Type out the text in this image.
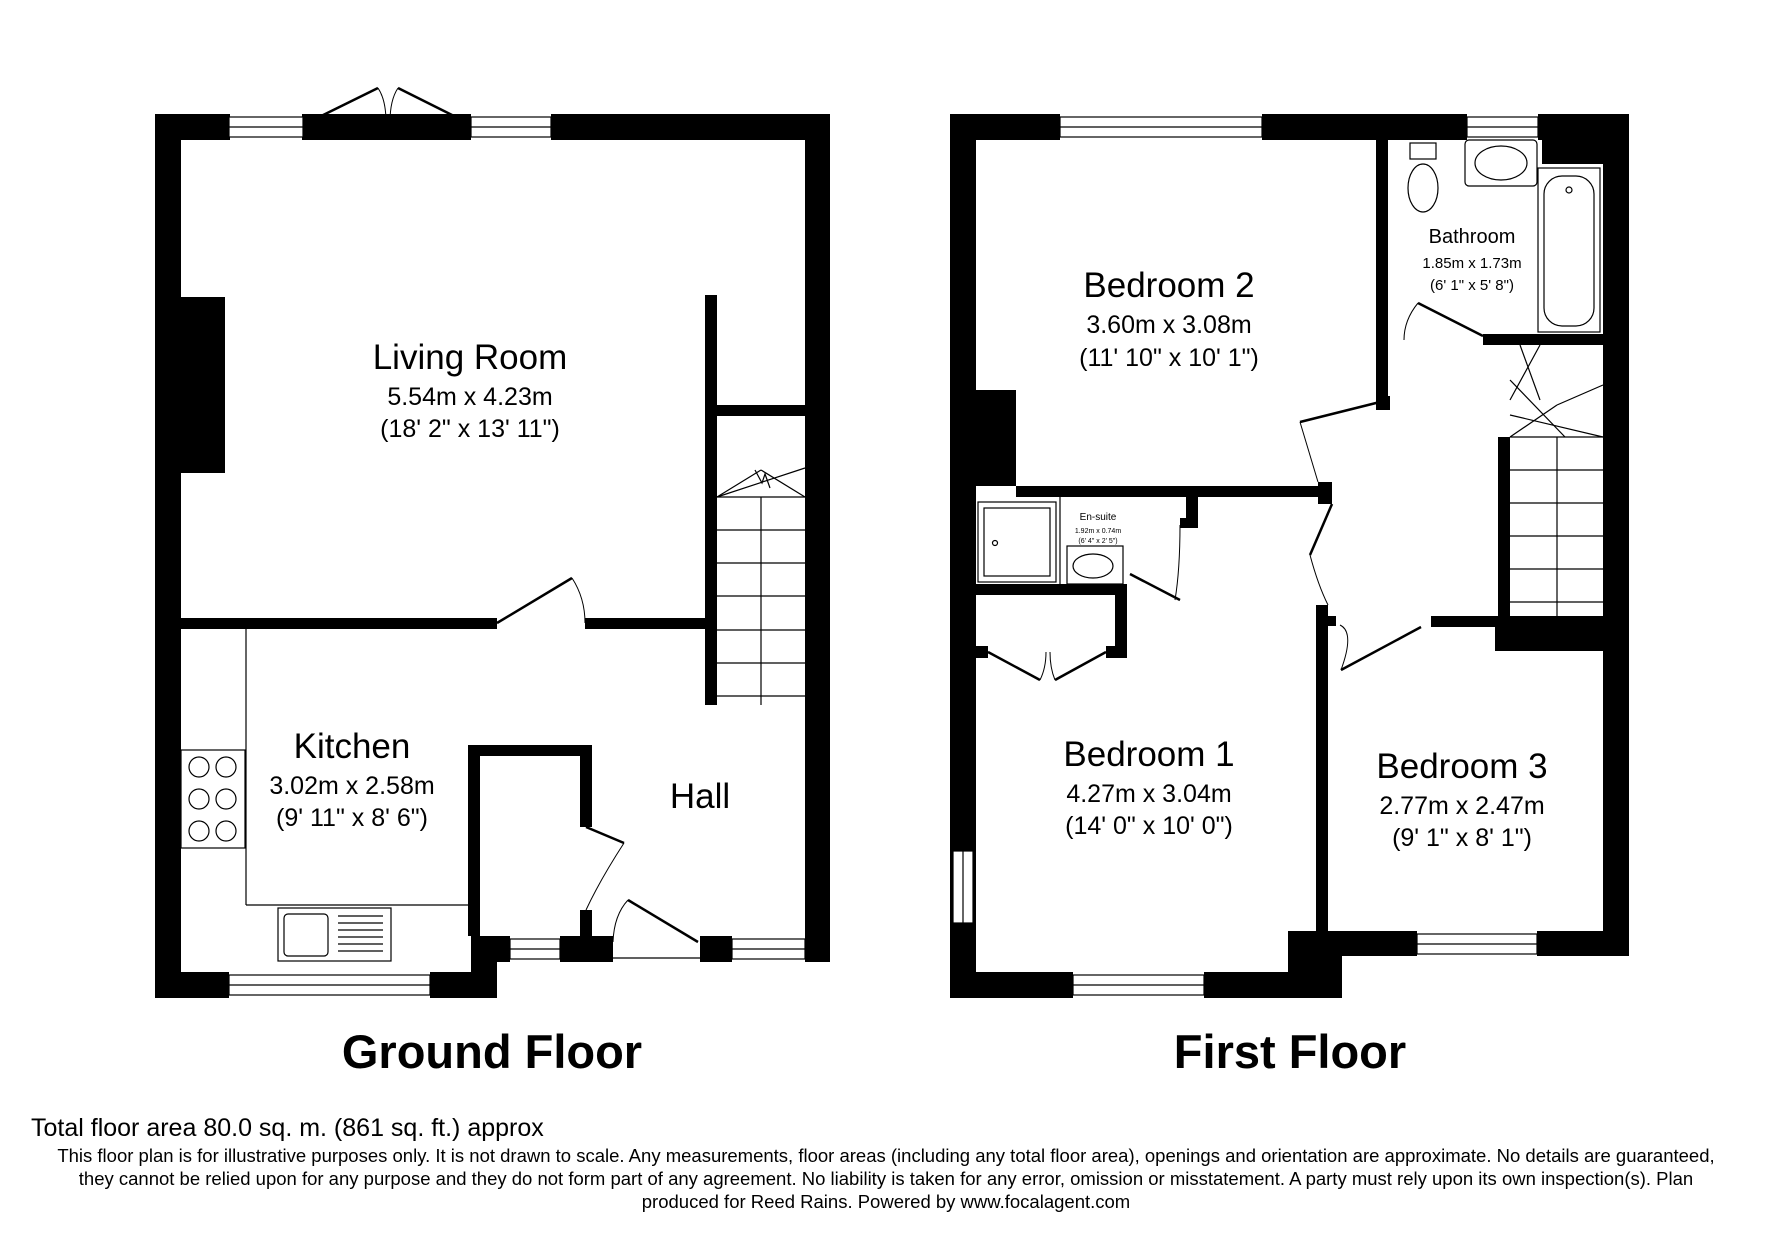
Living Room
5.54m x 4.23m
(18' 2" x 13' 11")
Kitchen
3.02m x 2.58m
(9' 11" x 8' 6")
Hall
Ground Floor
Bedroom 2
3.60m x 3.08m
(11' 10" x 10' 1")
Bathroom
1.85m x 1.73m
(6' 1" x 5' 8")
En-suite
1.92m x 0.74m
(6' 4" x 2' 5")
Bedroom 1
4.27m x 3.04m
(14' 0" x 10' 0")
Bedroom 3
2.77m x 2.47m
(9' 1" x 8' 1")
First Floor
Total floor area 80.0 sq. m. (861 sq. ft.) approx
This floor plan is for illustrative purposes only. It is not drawn to scale. Any measurements, floor areas (including any total floor area), openings and orientation are approximate. No details are guaranteed, they cannot be relied upon for any purpose and they do not form part of any agreement. No liability is taken for any error, omission or misstatement. A party must rely upon its own inspection(s). Plan produced for Reed Rains. Powered by www.focalagent.com
